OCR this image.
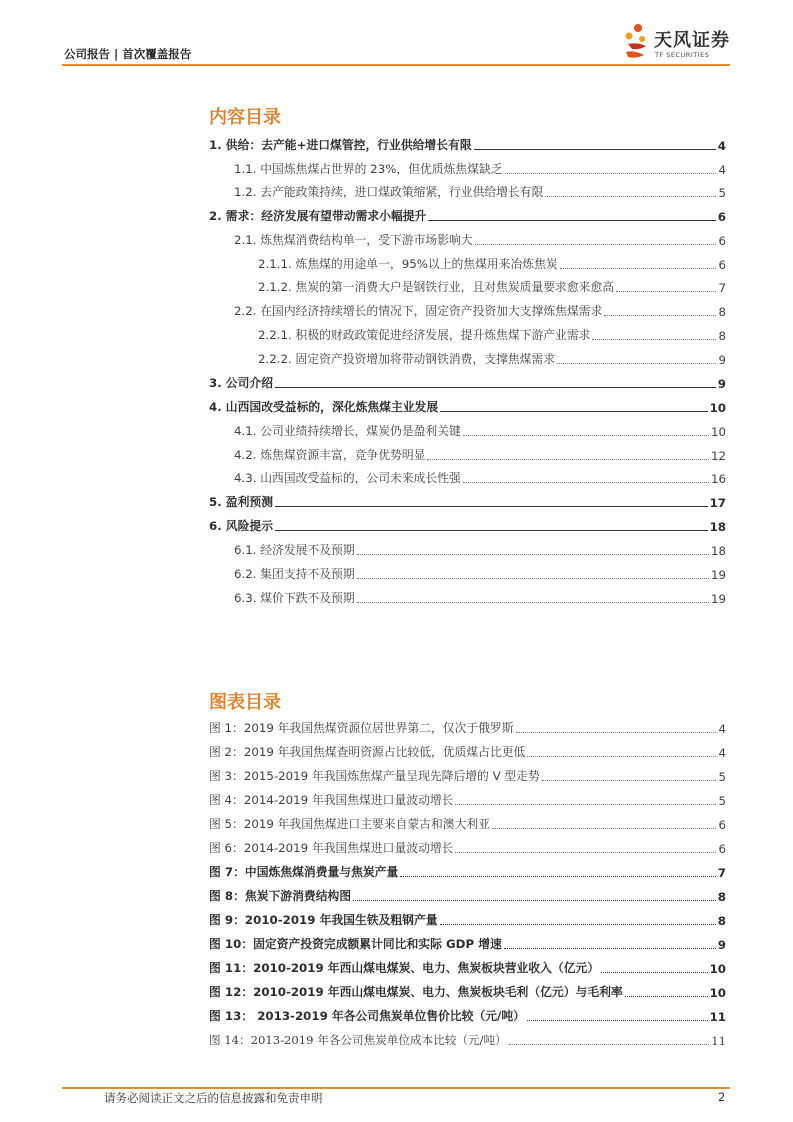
公司报告 | 首次覆盖报告
天风证券
TF SECURITIES
内容目录
1. 供给：去产能+进口煤管控，行业供给增长有限	4
1.1. 中国炼焦煤占世界的 23%，但优质炼焦煤缺乏	4
1.2. 去产能政策持续，进口煤政策缩紧，行业供给增长有限	5
2. 需求：经济发展有望带动需求小幅提升	6
2.1. 炼焦煤消费结构单一，受下游市场影响大	6
2.1.1. 炼焦煤的用途单一，95%以上的焦煤用来冶炼焦炭	6
2.1.2. 焦炭的第一消费大户是钢铁行业，且对焦炭质量要求愈来愈高	7
2.2. 在国内经济持续增长的情况下，固定资产投资加大支撑炼焦煤需求	8
2.2.1. 积极的财政政策促进经济发展，提升炼焦煤下游产业需求	8
2.2.2. 固定资产投资增加将带动钢铁消费，支撑焦煤需求	9
3. 公司介绍	9
4. 山西国改受益标的，深化炼焦煤主业发展	10
4.1. 公司业绩持续增长，煤炭仍是盈利关键	10
4.2. 炼焦煤资源丰富，竞争优势明显	12
4.3. 山西国改受益标的，公司未来成长性强	16
5. 盈利预测	17
6. 风险提示	18
6.1. 经济发展不及预期	18
6.2. 集团支持不及预期	19
6.3. 煤价下跌不及预期	19
图表目录
图 1：2019 年我国焦煤资源位居世界第二，仅次于俄罗斯	4
图 2：2019 年我国焦煤查明资源占比较低，优质煤占比更低	4
图 3：2015-2019 年我国炼焦煤产量呈现先降后增的 V 型走势	5
图 4：2014-2019 年我国焦煤进口量波动增长	5
图 5：2019 年我国焦煤进口主要来自蒙古和澳大利亚	6
图 6：2014-2019 年我国焦煤进口量波动增长	6
图 7：中国炼焦煤消费量与焦炭产量	7
图 8：焦炭下游消费结构图	8
图 9：2010-2019 年我国生铁及粗钢产量	8
图 10：固定资产投资完成额累计同比和实际 GDP 增速	9
图 11：2010-2019 年西山煤电煤炭、电力、焦炭板块营业收入（亿元）	10
图 12：2010-2019 年西山煤电煤炭、电力、焦炭板块毛利（亿元）与毛利率	10
图 13： 2013-2019 年各公司焦炭单位售价比较（元/吨）	11
图 14：2013-2019 年各公司焦炭单位成本比较（元/吨）	11
请务必阅读正文之后的信息披露和免责申明	2
